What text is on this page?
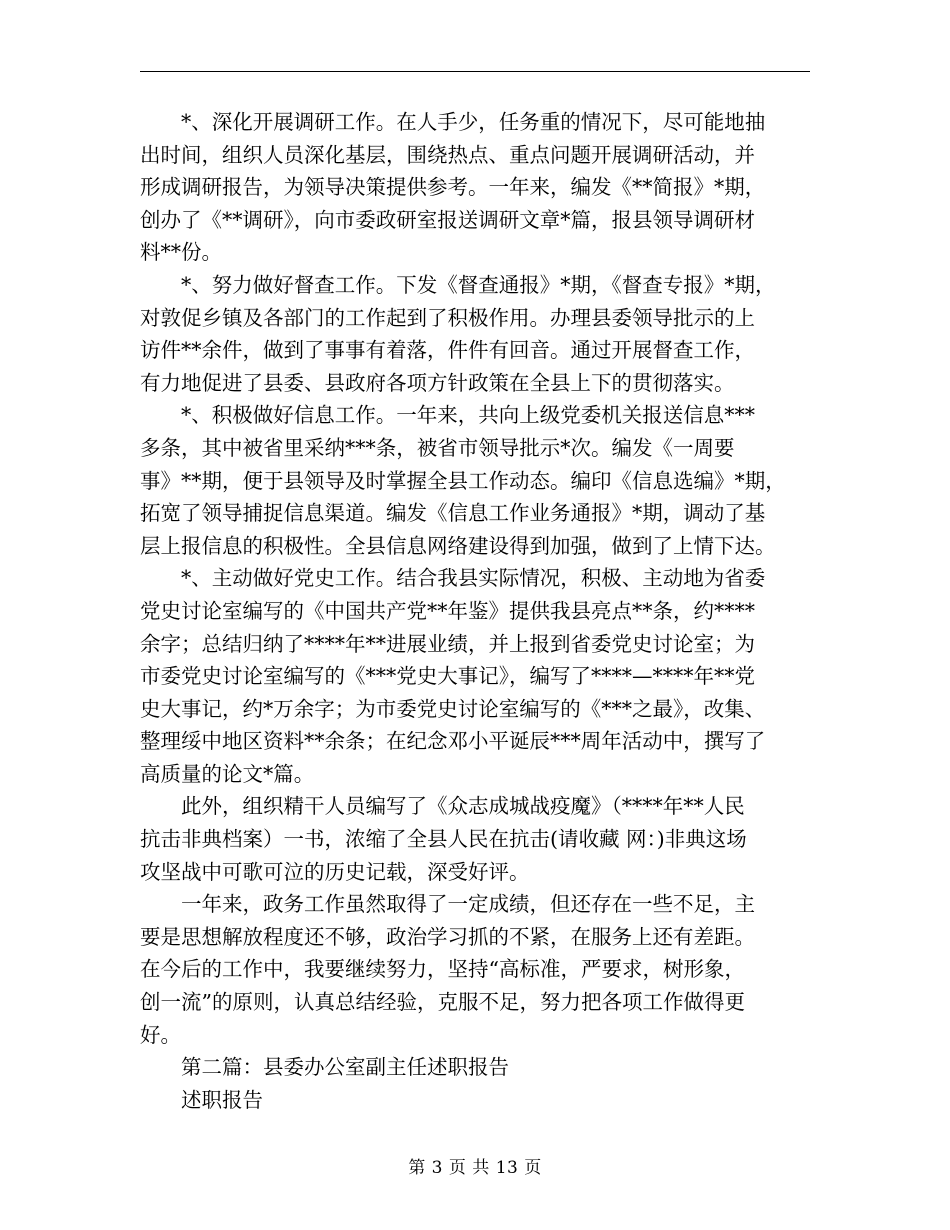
　　*、深化开展调研工作。在人手少，任务重的情况下，尽可能地抽
出时间，组织人员深化基层，围绕热点、重点问题开展调研活动，并
形成调研报告，为领导决策提供参考。一年来，编发《**简报》*期，
创办了《**调研》，向市委政研室报送调研文章*篇，报县领导调研材
料**份。

　　*、努力做好督查工作。下发《督查通报》*期，《督查专报》*期，
对敦促乡镇及各部门的工作起到了积极作用。办理县委领导批示的上
访件**余件，做到了事事有着落，件件有回音。通过开展督查工作，
有力地促进了县委、县政府各项方针政策在全县上下的贯彻落实。

　　*、积极做好信息工作。一年来，共向上级党委机关报送信息***
多条，其中被省里采纳***条，被省市领导批示*次。编发《一周要
事》**期，便于县领导及时掌握全县工作动态。编印《信息选编》*期，
拓宽了领导捕捉信息渠道。编发《信息工作业务通报》*期，调动了基
层上报信息的积极性。全县信息网络建设得到加强，做到了上情下达。

　　*、主动做好党史工作。结合我县实际情况，积极、主动地为省委
党史讨论室编写的《中国共产党**年鉴》提供我县亮点**条，约****
余字；总结归纳了****年**进展业绩，并上报到省委党史讨论室；为
市委党史讨论室编写的《***党史大事记》，编写了****—****年**党
史大事记，约*万余字；为市委党史讨论室编写的《***之最》，改集、
整理绥中地区资料**余条；在纪念邓小平诞辰***周年活动中，撰写了
高质量的论文*篇。

　　此外，组织精干人员编写了《众志成城战疫魔》（****年**人民
抗击非典档案）一书，浓缩了全县人民在抗击(请收藏 网：)非典这场
攻坚战中可歌可泣的历史记载，深受好评。

　　一年来，政务工作虽然取得了一定成绩，但还存在一些不足，主
要是思想解放程度还不够，政治学习抓的不紧，在服务上还有差距。
在今后的工作中，我要继续努力，坚持“高标准，严要求，树形象，
创一流”的原则，认真总结经验，克服不足，努力把各项工作做得更
好。

　　第二篇：县委办公室副主任述职报告

　　述职报告

第 3 页 共 13 页
